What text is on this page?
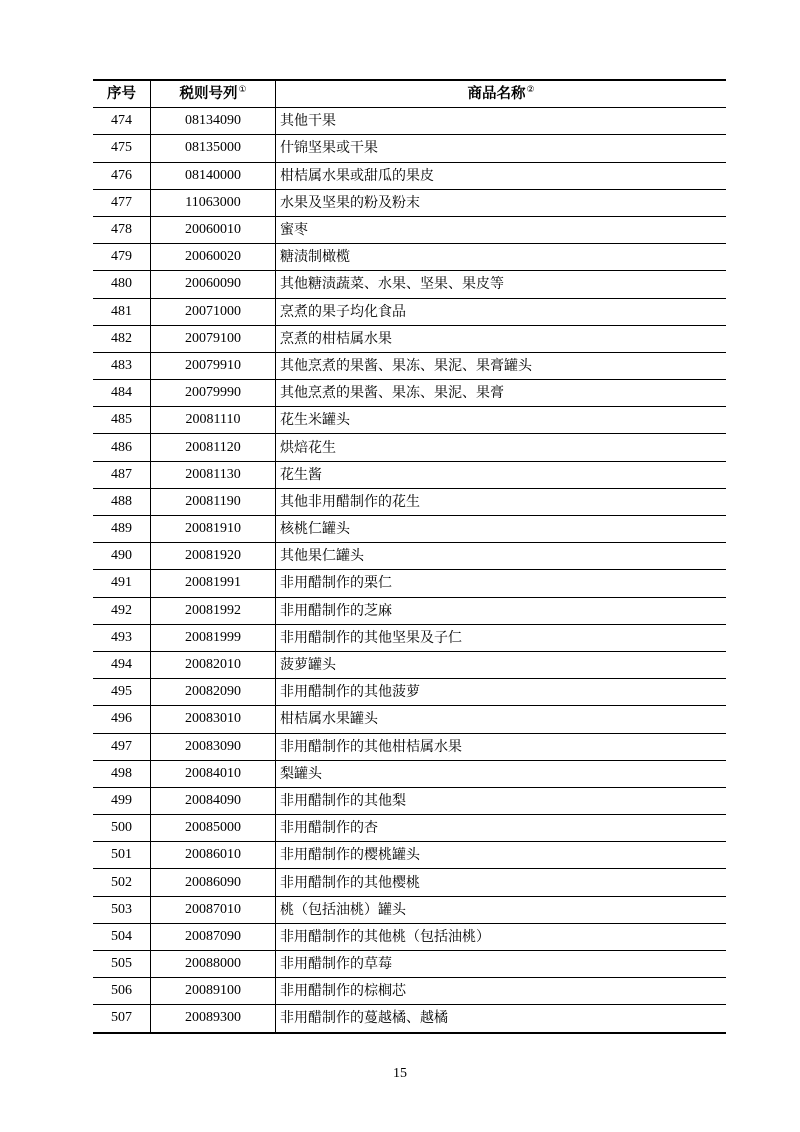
序号	税则号列①	商品名称②
474	08134090	其他干果
475	08135000	什锦坚果或干果
476	08140000	柑桔属水果或甜瓜的果皮
477	11063000	水果及坚果的粉及粉末
478	20060010	蜜枣
479	20060020	糖渍制橄榄
480	20060090	其他糖渍蔬菜、水果、坚果、果皮等
481	20071000	烹煮的果子均化食品
482	20079100	烹煮的柑桔属水果
483	20079910	其他烹煮的果酱、果冻、果泥、果膏罐头
484	20079990	其他烹煮的果酱、果冻、果泥、果膏
485	20081110	花生米罐头
486	20081120	烘焙花生
487	20081130	花生酱
488	20081190	其他非用醋制作的花生
489	20081910	核桃仁罐头
490	20081920	其他果仁罐头
491	20081991	非用醋制作的栗仁
492	20081992	非用醋制作的芝麻
493	20081999	非用醋制作的其他坚果及子仁
494	20082010	菠萝罐头
495	20082090	非用醋制作的其他菠萝
496	20083010	柑桔属水果罐头
497	20083090	非用醋制作的其他柑桔属水果
498	20084010	梨罐头
499	20084090	非用醋制作的其他梨
500	20085000	非用醋制作的杏
501	20086010	非用醋制作的樱桃罐头
502	20086090	非用醋制作的其他樱桃
503	20087010	桃（包括油桃）罐头
504	20087090	非用醋制作的其他桃（包括油桃）
505	20088000	非用醋制作的草莓
506	20089100	非用醋制作的棕榈芯
507	20089300	非用醋制作的蔓越橘、越橘
15
